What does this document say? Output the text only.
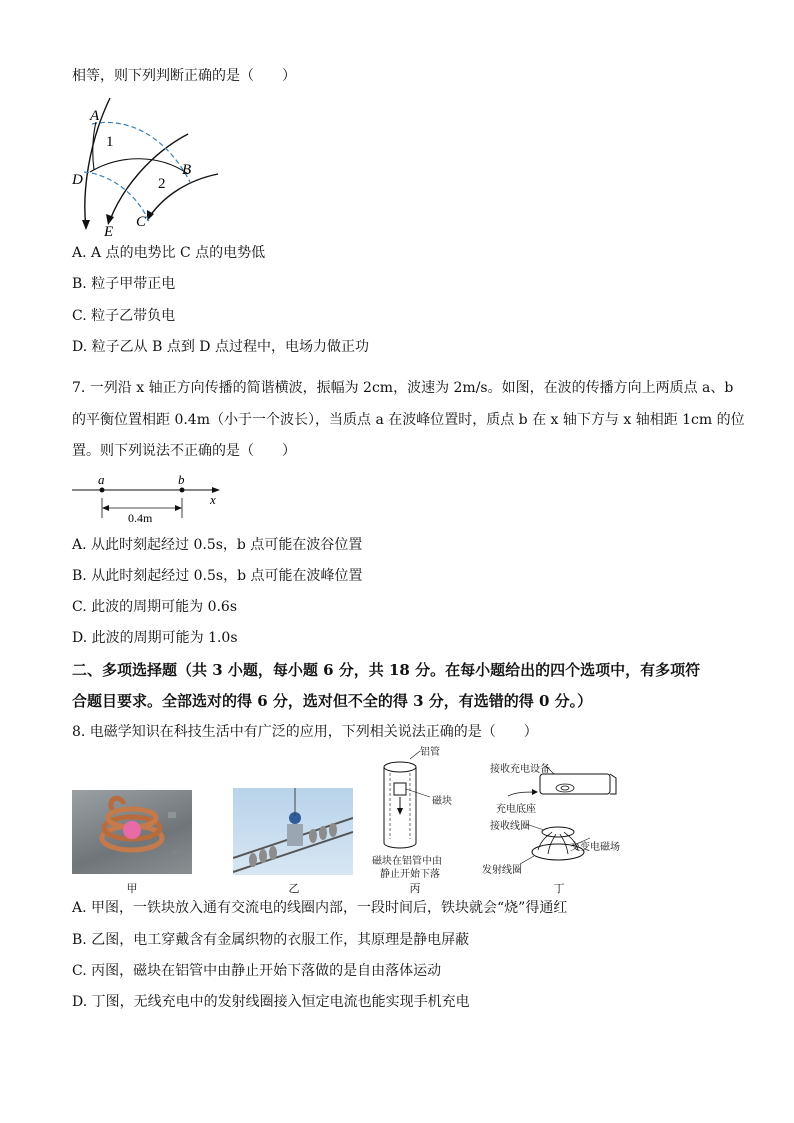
相等，则下列判断正确的是（　　）
A
1
D	2
B
E
C
A. A 点的电势比 C 点的电势低
B. 粒子甲带正电
C. 粒子乙带负电
D. 粒子乙从 B 点到 D 点过程中，电场力做正功
7. 一列沿 x 轴正方向传播的简谐横波，振幅为 2cm，波速为 2m/s。如图，在波的传播方向上两质点 a、b
的平衡位置相距 0.4m（小于一个波长），当质点 a 在波峰位置时，质点 b 在 x 轴下方与 x 轴相距 1cm 的位
置。则下列说法不正确的是（　　）
a	b
x
0.4m
A. 从此时刻起经过 0.5s，b 点可能在波谷位置
B. 从此时刻起经过 0.5s，b 点可能在波峰位置
C. 此波的周期可能为 0.6s
D. 此波的周期可能为 1.0s
二、多项选择题（共 3 小题，每小题 6 分，共 18 分。在每小题给出的四个选项中，有多项符
合题目要求。全部选对的得 6 分，选对但不全的得 3 分，有选错的得 0 分。）
8. 电磁学知识在科技生活中有广泛的应用，下列相关说法正确的是（　　）
甲	乙
铝管
磁块
磁块在铝管中由
静止开始下落
丙
接收充电设备
充电底座
接收线圈
交变电磁场
发射线圈
丁
A. 甲图，一铁块放入通有交流电的线圈内部，一段时间后，铁块就会“烧”得通红
B. 乙图，电工穿戴含有金属织物的衣服工作，其原理是静电屏蔽
C. 丙图，磁块在铝管中由静止开始下落做的是自由落体运动
D. 丁图，无线充电中的发射线圈接入恒定电流也能实现手机充电
